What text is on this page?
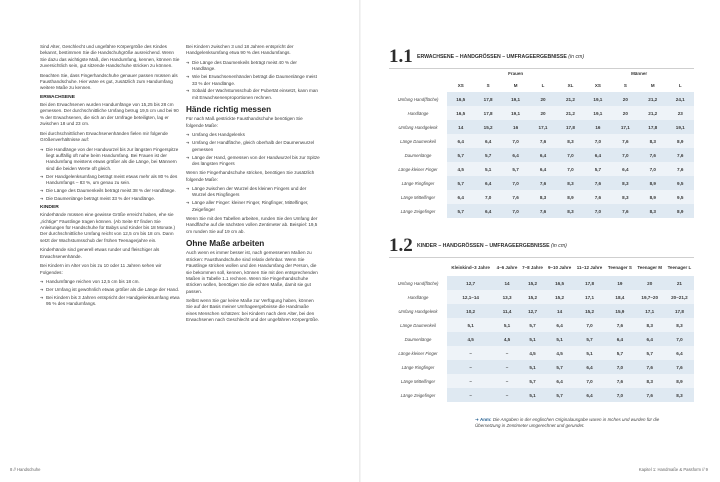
Sind Alter, Geschlecht und ungefähre Körpergröße des Kindes bekannt, bestimmen Sie die Handschuhgröße ausreichend. Wenn Sie dazu das wichtigste Maß, den Handumfang, kennen, können Sie zuversichtlich sein, gut sitzende Handschuhe stricken zu können.

Beachten Sie, dass Fingerhandschuhe genauer passen müssen als Fausthandschuhe. Hier wäre es gut, zusätzlich zum Handumfang weitere Maße zu kennen.

ERWACHSENE

Bei den Erwachsenen wurden Handumfänge von 15,25 bis 28 cm gemessen. Der durchschnittliche Umfang betrug 19,5 cm und bei 90 % der Erwachsenen, die sich an der Umfrage beteiligten, lag er zwischen 18 und 23 cm.

Bei durchschnittlichen Erwachsenenhänden fielen mir folgende Größenverhältnisse auf:

➔ Die Handlänge von der Handwurzel bis zur längsten Fingerspitze liegt auffällig oft nahe beim Handumfang. Bei Frauen ist der Handumfang meistens etwas größer als die Länge, bei Männern sind die beiden Werte oft gleich.
➔ Der Handgelenksumfang beträgt meist etwas mehr als 80 % des Handumfangs – 83 %, um genau zu sein.
➔ Die Länge des Daumenkeils beträgt meist 38 % der Handlänge.
➔ Die Daumenlänge beträgt meist 33 % der Handlänge.
KINDER

Kinderhände müssen eine gewisse Größe erreicht haben, ehe sie „richtige" Fäustlinge tragen können. (Ab Seite 67 finden Sie Anleitungen für Handschuhe für Babys und Kinder bis 18 Monate.) Der durchschnittliche Umfang reicht von 12,5 cm bis 18 cm. Dann setzt der Wachstumsschub der frühen Teenagerjahre ein.

Kinderhände sind generell etwas runder und fleischiger als Erwachsenenhände.

Bei Kindern im Alter von bis zu 10 oder 11 Jahren sehen wir Folgendes:

➔ Handumfänge reichen von 12,5 cm bis 18 cm.
➔ Der Umfang ist gewöhnlich etwas größer als die Länge der Hand.
➔ Bei Kindern bis 3 Jahren entspricht der Handgelenksumfang etwa 95 % des Handumfangs.

Bei Kindern zwischen 3 und 18 Jahren entspricht der Handgelenksumfang etwa 90 % des Handumfangs.

➔ Die Länge des Daumenkeils beträgt meist 40 % der Handlänge.
➔ Wie bei Erwachsenenhänden beträgt die Daumenlänge meist 33 % der Handlänge.
➔ Sobald der Wachstumsschub der Pubertät einsetzt, kann man mit Erwachsenenproportionen rechnen.
Hände richtig messen

Für nach Maß gestrickte Fausthandschuhe benötigen Sie folgende Maße:

➔ Umfang des Handgelenks
➔ Umfang der Handfläche, gleich oberhalb der Daumenwurzel gemessen
➔ Länge der Hand, gemessen von der Handwurzel bis zur Spitze des längsten Fingers

Wenn Sie Fingerhandschuhe stricken, benötigen Sie zusätzlich folgende Maße:

➔ Länge zwischen der Wurzel des kleinen Fingers und der Wurzel des Ringfingers
➔ Länge aller Finger: kleiner Finger, Ringfinger, Mittelfinger, Zeigefinger

Wenn Sie mit den Tabellen arbeiten, runden Sie den Umfang der Handfläche auf die nächsten vollen Zentimeter ab. Beispiel: 19,5 cm runden Sie auf 19 cm ab.

Ohne Maße arbeiten

Auch wenn es immer besser ist, nach gemessenen Maßen zu stricken: Fausthandschuhe sind relativ dehnbar. Wenn Sie Fäustlinge stricken wollen und den Handumfang der Person, die sie bekommen soll, kennen, können Sie mit den entsprechenden Maßen in Tabelle 1.1 rechnen. Wenn Sie Fingerhandschuhe stricken wollen, benötigen Sie die echten Maße, damit sie gut passen.

Selbst wenn Sie gar keine Maße zur Verfügung haben, können Sie auf der Basis meiner Umfrageergebnisse die Handmaße eines Menschen schätzen: bei Kindern nach dem Alter, bei den Erwachsenen nach Geschlecht und der ungefähren Körpergröße.

8 // Handschuhe
1.1 ERWACHSENE – HANDGRÖSSEN – UMFRAGEERGEBNISSE (in cm)
	Frauen					Männer			
	XS	S	M	L	XL	XS	S	M	L
Umfang Hand(fläche)	16,5	17,8	19,1	20	21,2	19,1	20	21,2	24,1
Handlänge	16,5	17,8	19,1	20	21,2	19,1	20	21,2	23
Umfang Handgelenk	14	15,2	16	17,1	17,8	16	17,1	17,8	19,1
Länge Daumenkeil	6,4	6,4	7,0	7,6	8,3	7,0	7,6	8,3	8,9
Daumenlänge	5,7	5,7	6,4	6,4	7,0	6,4	7,0	7,6	7,6
Länge kleiner Finger	4,5	5,1	5,7	6,4	7,0	5,7	6,4	7,0	7,6
Länge Ringfinger	5,7	6,4	7,0	7,6	8,3	7,6	8,3	8,9	9,5
Länge Mittelfinger	6,4	7,0	7,6	8,3	8,9	7,6	8,3	8,9	9,5
Länge Zeigefinger	5,7	6,4	7,0	7,6	8,3	7,0	7,6	8,3	8,9
1.2 KINDER – HANDGRÖSSEN – UMFRAGEERGEBNISSE (in cm)
	Kleinkind–3 Jahre	4–6 Jahre	7–8 Jahre	9–10 Jahre	11–12 Jahre	Teenager S	Teenager M	Teenager L
Umfang Hand(fläche)	12,7	14	15,2	16,5	17,8	19	20	21
Handlänge	12,1–14	13,3	15,2	15,2	17,1	18,4	19,7–20	20–21,2
Umfang Handgelenk	10,2	11,4	12,7	14	15,2	15,9	17,1	17,8
Länge Daumenkeil	5,1	5,1	5,7	6,4	7,0	7,6	8,3	8,3
Daumenlänge	4,5	4,5	5,1	5,1	5,7	6,4	6,4	7,0
Länge kleiner Finger	–	–	4,5	4,5	5,1	5,7	5,7	6,4
Länge Ringfinger	–	–	5,1	5,7	6,4	7,0	7,6	7,6
Länge Mittelfinger	–	–	5,7	6,4	7,0	7,6	8,3	8,9
Länge Zeigefinger	–	–	5,1	5,7	6,4	7,0	7,6	8,3
➜ Anm: Die Angaben in der englischen Originalausgabe waren in Inches und wurden für die Übersetzung in Zentimeter umgerechnet und gerundet.
Kapitel 1: Handmaße & Passform // 9
